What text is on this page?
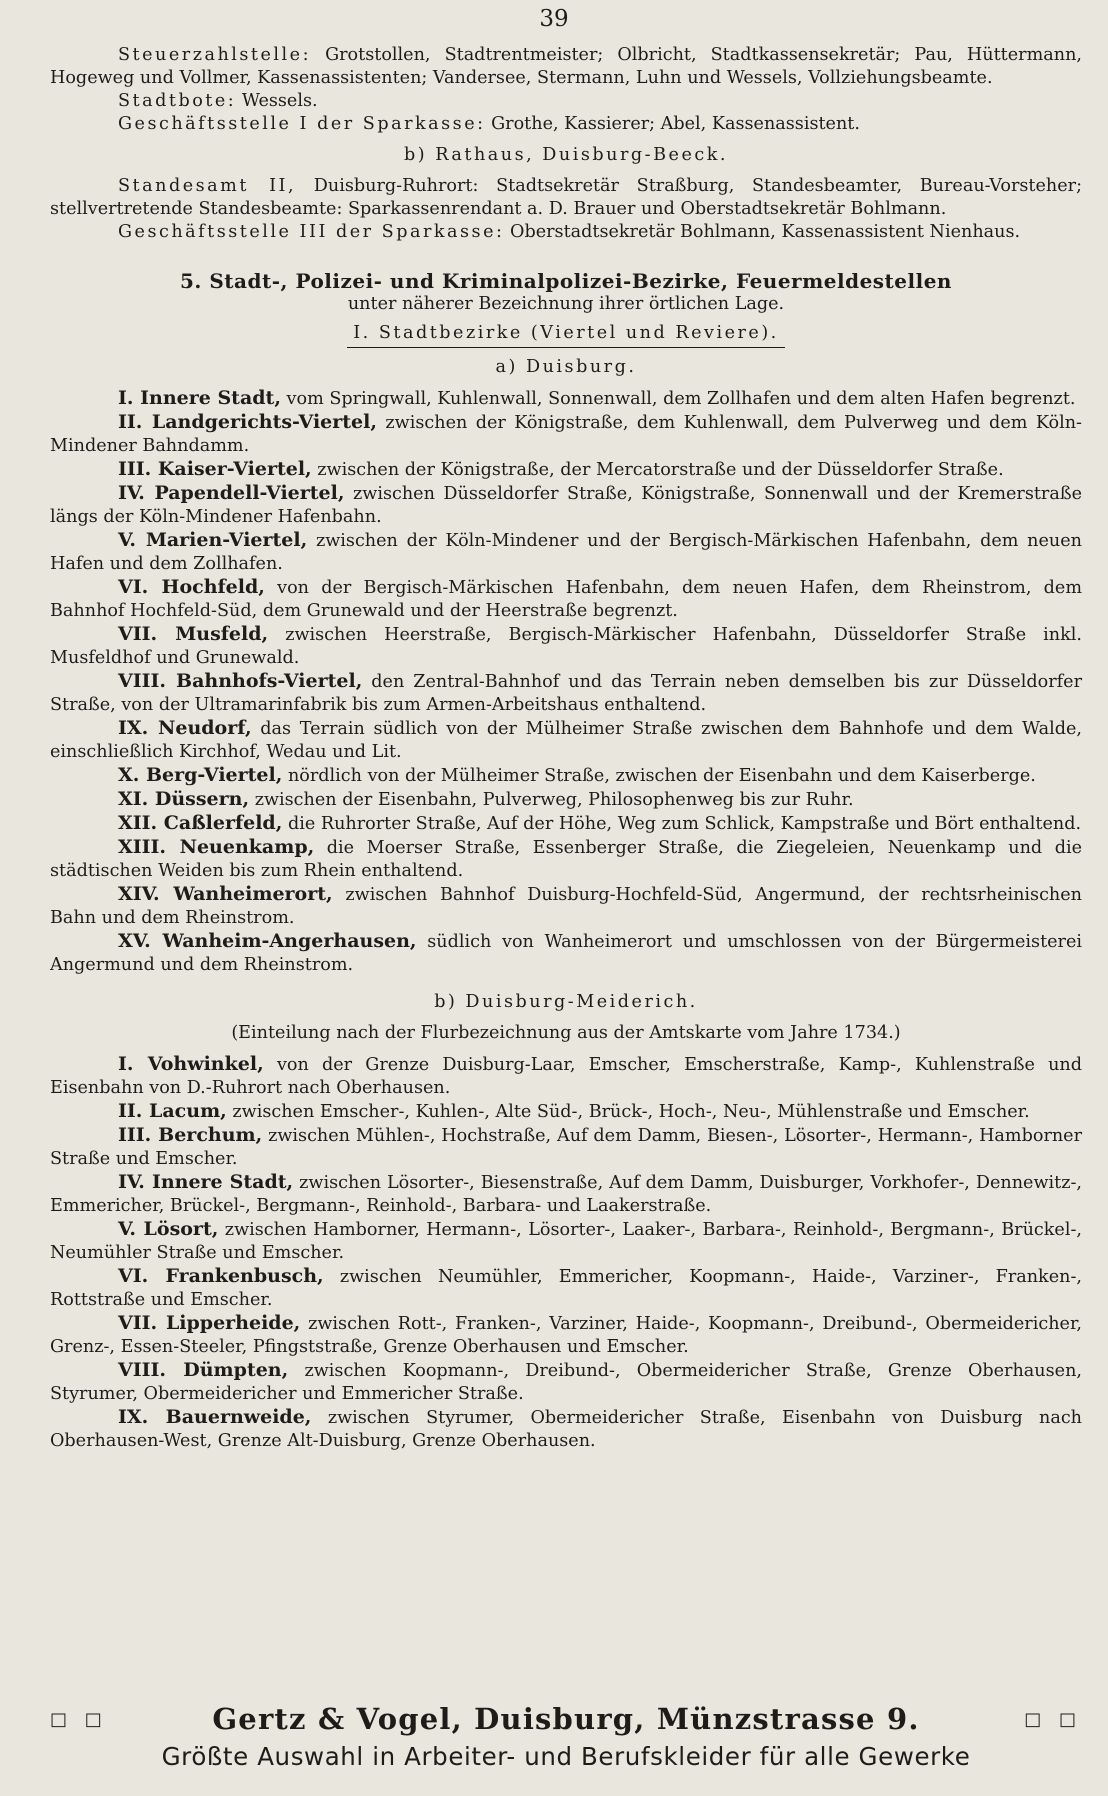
39

Steuerzahlstelle: Grotstollen, Stadtrentmeister; Olbricht, Stadtkassensekretär; Pau, Hüttermann, Hogeweg und Vollmer, Kassenassistenten; Vandersee, Stermann, Luhn und Wessels, Vollziehungsbeamte.

Stadtbote: Wessels.

Geschäftsstelle I der Sparkasse: Grothe, Kassierer; Abel, Kassenassistent.

b) Rathaus, Duisburg-Beeck.

Standesamt II, Duisburg-Ruhrort: Stadtsekretär Straßburg, Standesbeamter, Bureau-Vorsteher; stellvertretende Standesbeamte: Sparkassenrendant a. D. Brauer und Oberstadtsekretär Bohlmann.

Geschäftsstelle III der Sparkasse: Oberstadtsekretär Bohlmann, Kassenassistent Nienhaus.

5. Stadt-, Polizei- und Kriminalpolizei-Bezirke, Feuermeldestellen

unter näherer Bezeichnung ihrer örtlichen Lage.

I. Stadtbezirke (Viertel und Reviere).

a) Duisburg.

I. Innere Stadt, vom Springwall, Kuhlenwall, Sonnenwall, dem Zollhafen und dem alten Hafen begrenzt.

II. Landgerichts-Viertel, zwischen der Königstraße, dem Kuhlenwall, dem Pulverweg und dem Köln-Mindener Bahndamm.

III. Kaiser-Viertel, zwischen der Königstraße, der Mercatorstraße und der Düsseldorfer Straße.

IV. Papendell-Viertel, zwischen Düsseldorfer Straße, Königstraße, Sonnenwall und der Kremerstraße längs der Köln-Mindener Hafenbahn.

V. Marien-Viertel, zwischen der Köln-Mindener und der Bergisch-Märkischen Hafenbahn, dem neuen Hafen und dem Zollhafen.

VI. Hochfeld, von der Bergisch-Märkischen Hafenbahn, dem neuen Hafen, dem Rheinstrom, dem Bahnhof Hochfeld-Süd, dem Grunewald und der Heerstraße begrenzt.

VII. Musfeld, zwischen Heerstraße, Bergisch-Märkischer Hafenbahn, Düsseldorfer Straße inkl. Musfeldhof und Grunewald.

VIII. Bahnhofs-Viertel, den Zentral-Bahnhof und das Terrain neben demselben bis zur Düsseldorfer Straße, von der Ultramarinfabrik bis zum Armen-Arbeitshaus enthaltend.

IX. Neudorf, das Terrain südlich von der Mülheimer Straße zwischen dem Bahnhofe und dem Walde, einschließlich Kirchhof, Wedau und Lit.

X. Berg-Viertel, nördlich von der Mülheimer Straße, zwischen der Eisenbahn und dem Kaiserberge.

XI. Düssern, zwischen der Eisenbahn, Pulverweg, Philosophenweg bis zur Ruhr.

XII. Caßlerfeld, die Ruhrorter Straße, Auf der Höhe, Weg zum Schlick, Kampstraße und Bört enthaltend.

XIII. Neuenkamp, die Moerser Straße, Essenberger Straße, die Ziegeleien, Neuenkamp und die städtischen Weiden bis zum Rhein enthaltend.

XIV. Wanheimerort, zwischen Bahnhof Duisburg-Hochfeld-Süd, Angermund, der rechtsrheinischen Bahn und dem Rheinstrom.

XV. Wanheim-Angerhausen, südlich von Wanheimerort und umschlossen von der Bürgermeisterei Angermund und dem Rheinstrom.

b) Duisburg-Meiderich.

(Einteilung nach der Flurbezeichnung aus der Amtskarte vom Jahre 1734.)

I. Vohwinkel, von der Grenze Duisburg-Laar, Emscher, Emscherstraße, Kamp-, Kuhlenstraße und Eisenbahn von D.-Ruhrort nach Oberhausen.

II. Lacum, zwischen Emscher-, Kuhlen-, Alte Süd-, Brück-, Hoch-, Neu-, Mühlenstraße und Emscher.

III. Berchum, zwischen Mühlen-, Hochstraße, Auf dem Damm, Biesen-, Lösorter-, Hermann-, Hamborner Straße und Emscher.

IV. Innere Stadt, zwischen Lösorter-, Biesenstraße, Auf dem Damm, Duisburger, Vorkhofer-, Dennewitz-, Emmericher, Brückel-, Bergmann-, Reinhold-, Barbara- und Laakerstraße.

V. Lösort, zwischen Hamborner, Hermann-, Lösorter-, Laaker-, Barbara-, Reinhold-, Bergmann-, Brückel-, Neumühler Straße und Emscher.

VI. Frankenbusch, zwischen Neumühler, Emmericher, Koopmann-, Haide-, Varziner-, Franken-, Rottstraße und Emscher.

VII. Lipperheide, zwischen Rott-, Franken-, Varziner, Haide-, Koopmann-, Dreibund-, Obermeidericher, Grenz-, Essen-Steeler, Pfingststraße, Grenze Oberhausen und Emscher.

VIII. Dümpten, zwischen Koopmann-, Dreibund-, Obermeidericher Straße, Grenze Oberhausen, Styrumer, Obermeidericher und Emmericher Straße.

IX. Bauernweide, zwischen Styrumer, Obermeidericher Straße, Eisenbahn von Duisburg nach Oberhausen-West, Grenze Alt-Duisburg, Grenze Oberhausen.

□ □	Gertz & Vogel, Duisburg, Münzstrasse 9.	□ □
Größte Auswahl in Arbeiter- und Berufskleider für alle Gewerke
